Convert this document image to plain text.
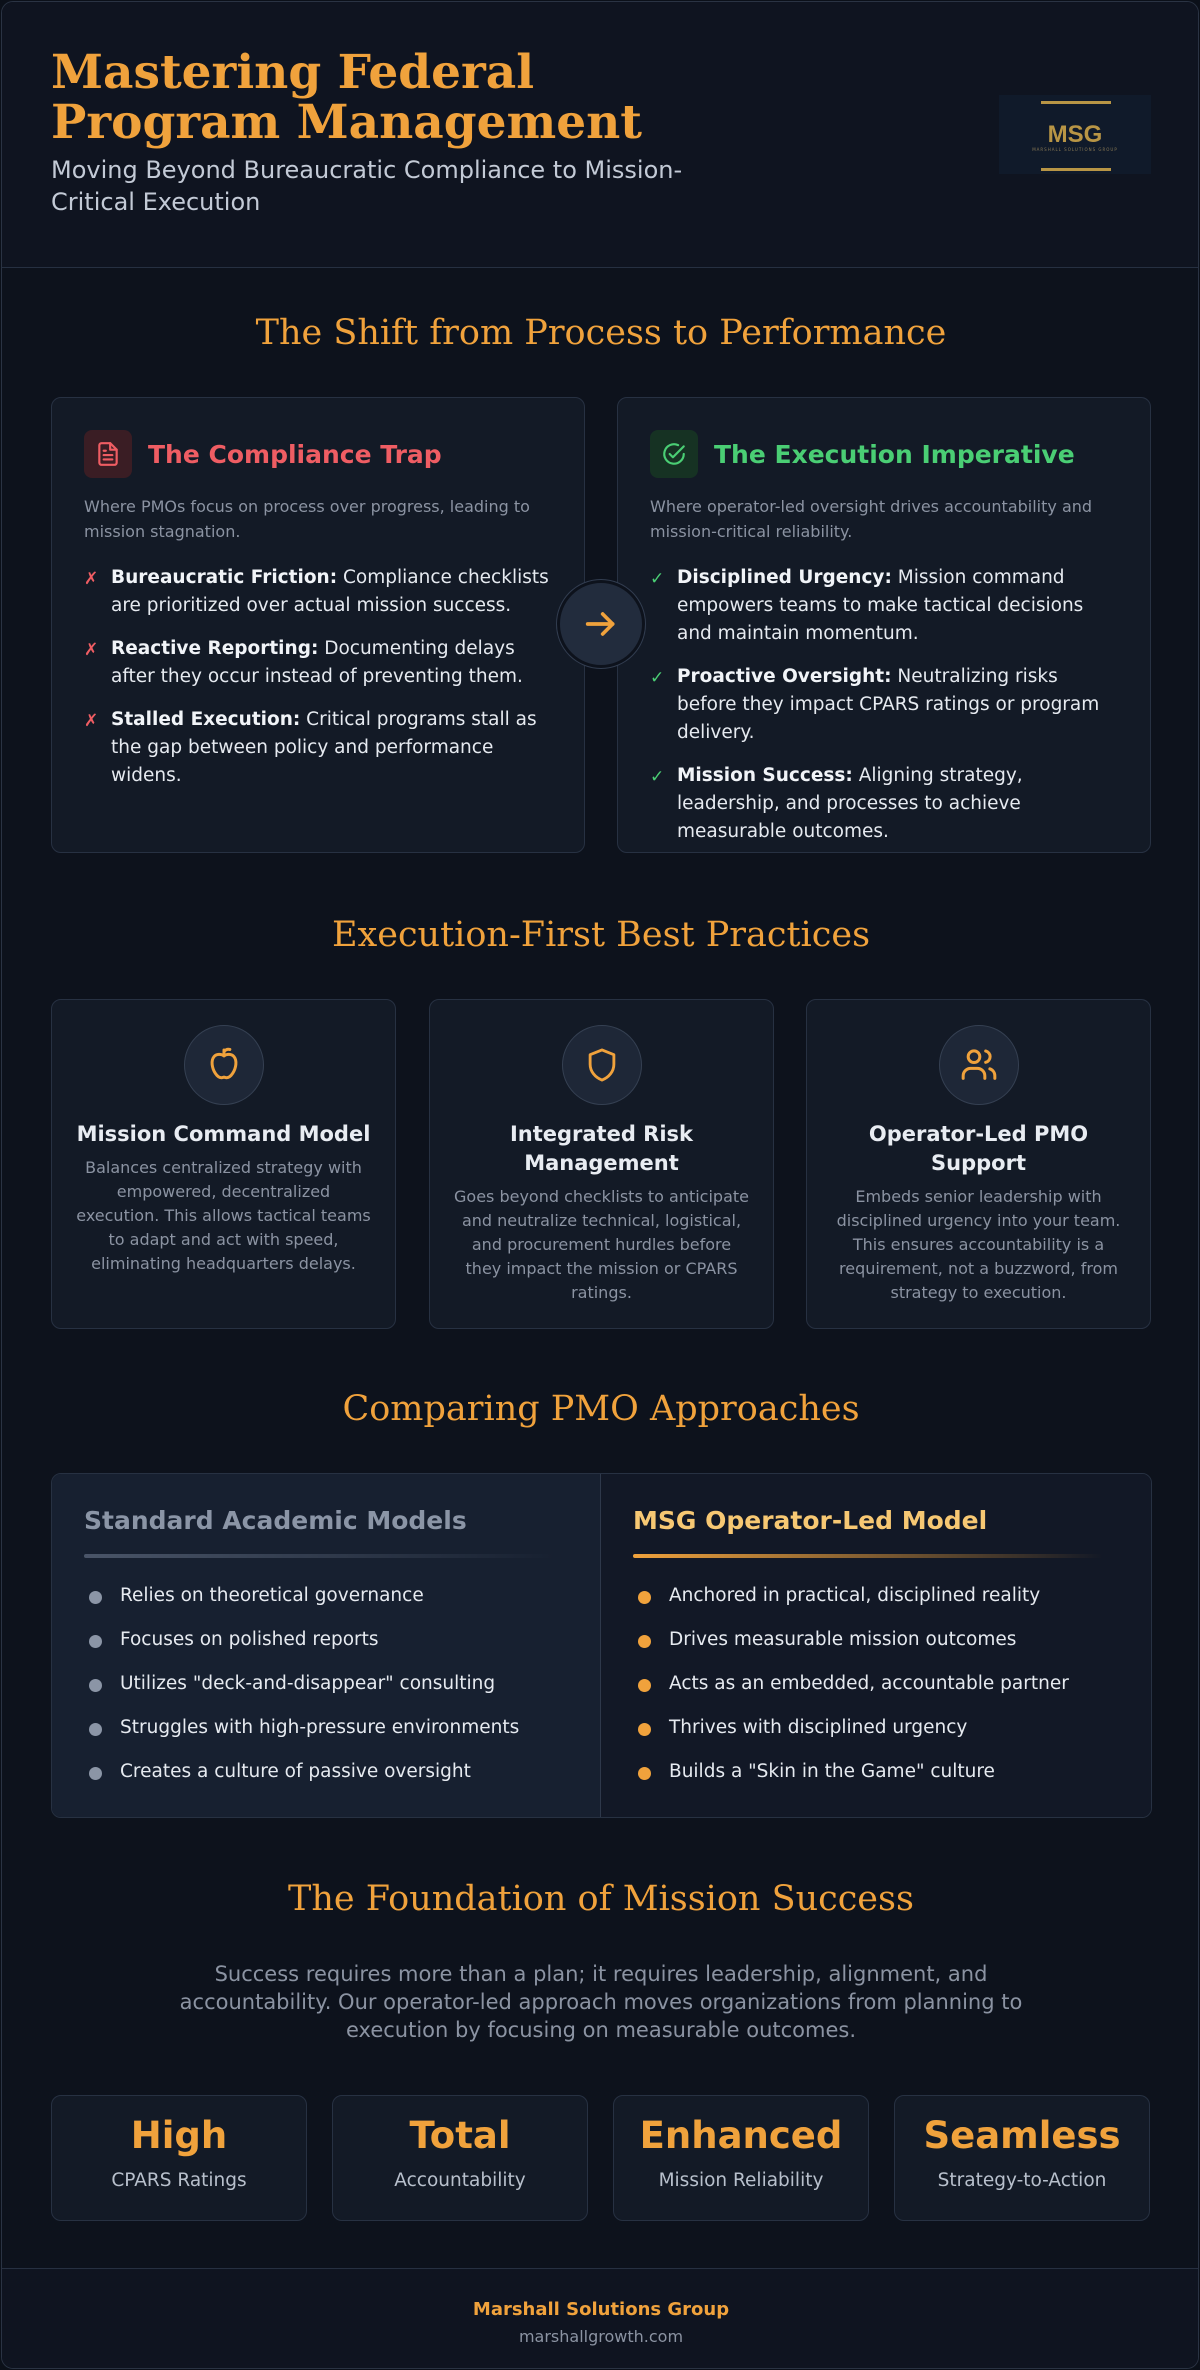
Mastering Federal Program Management
Moving Beyond Bureaucratic Compliance to Mission-Critical Execution
MSG
MARSHALL SOLUTIONS GROUP
The Shift from Process to Performance
The Compliance Trap
Where PMOs focus on process over progress, leading to mission stagnation.
✗ Bureaucratic Friction: Compliance checklists are prioritized over actual mission success.
✗ Reactive Reporting: Documenting delays after they occur instead of preventing them.
✗ Stalled Execution: Critical programs stall as the gap between policy and performance widens.
The Execution Imperative
Where operator-led oversight drives accountability and mission-critical reliability.
✓ Disciplined Urgency: Mission command empowers teams to make tactical decisions and maintain momentum.
✓ Proactive Oversight: Neutralizing risks before they impact CPARS ratings or program delivery.
✓ Mission Success: Aligning strategy, leadership, and processes to achieve measurable outcomes.
Execution-First Best Practices
Mission Command Model
Balances centralized strategy with empowered, decentralized execution. This allows tactical teams to adapt and act with speed, eliminating headquarters delays.
Integrated Risk Management
Goes beyond checklists to anticipate and neutralize technical, logistical, and procurement hurdles before they impact the mission or CPARS ratings.
Operator-Led PMO Support
Embeds senior leadership with disciplined urgency into your team. This ensures accountability is a requirement, not a buzzword, from strategy to execution.
Comparing PMO Approaches
Standard Academic Models
Relies on theoretical governance
Focuses on polished reports
Utilizes "deck-and-disappear" consulting
Struggles with high-pressure environments
Creates a culture of passive oversight
MSG Operator-Led Model
Anchored in practical, disciplined reality
Drives measurable mission outcomes
Acts as an embedded, accountable partner
Thrives with disciplined urgency
Builds a "Skin in the Game" culture
The Foundation of Mission Success
Success requires more than a plan; it requires leadership, alignment, and accountability. Our operator-led approach moves organizations from planning to execution by focusing on measurable outcomes.
High
CPARS Ratings
Total
Accountability
Enhanced
Mission Reliability
Seamless
Strategy-to-Action
Marshall Solutions Group
marshallgrowth.com
